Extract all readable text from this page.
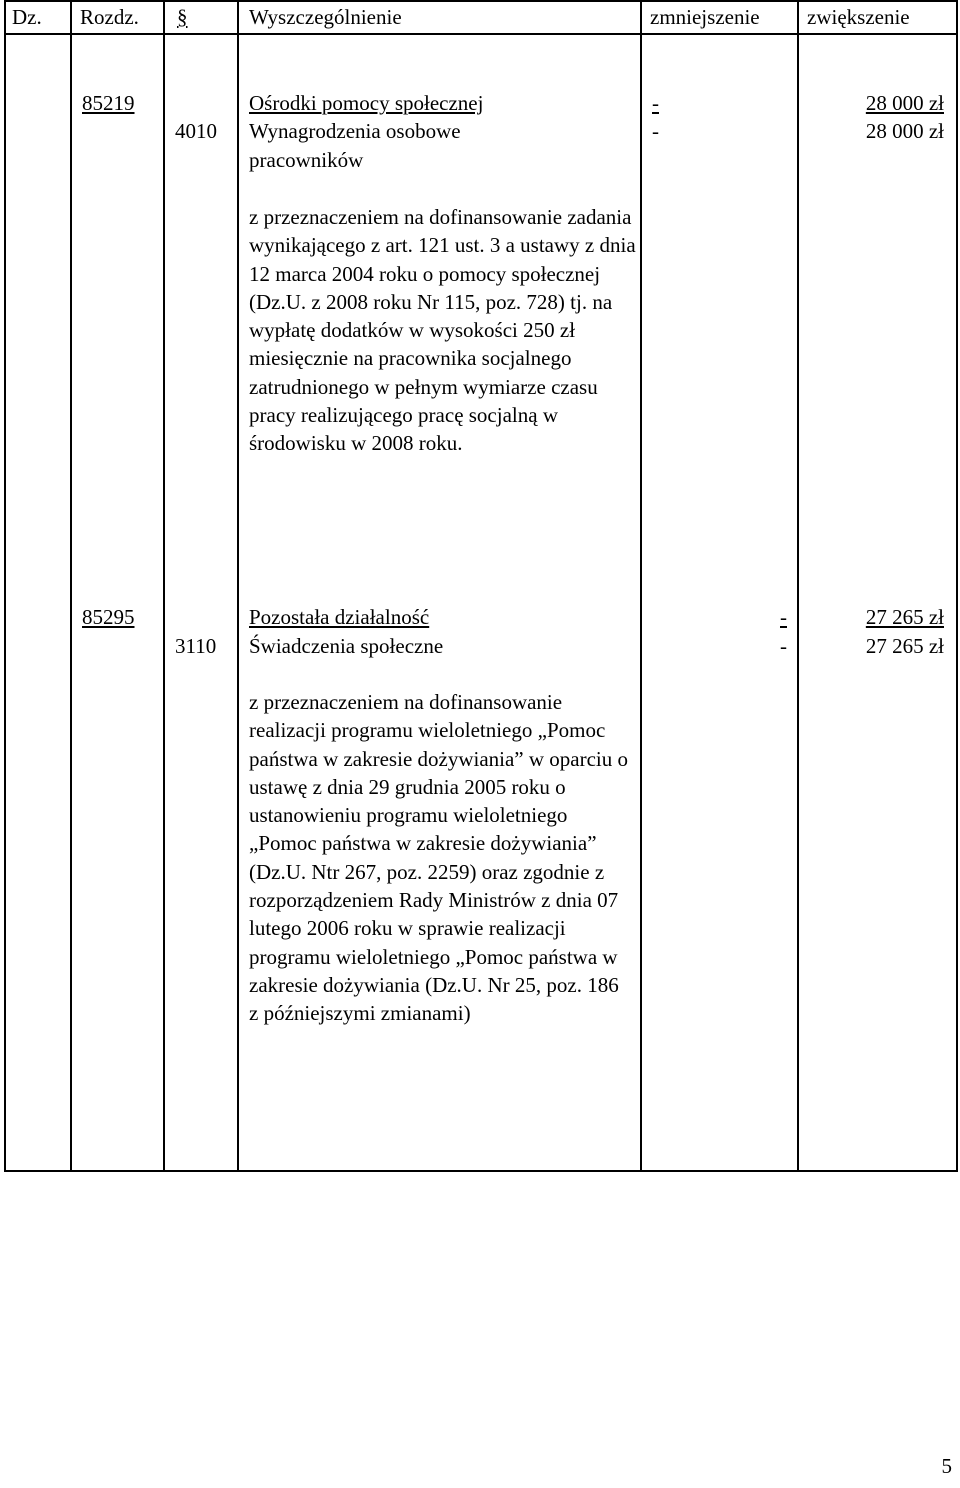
Dz. Rozdz. §	Wyszczególnienie	zmniejszenie zwiększenie
85219
4010
Ośrodki pomocy społecznej
Wynagrodzenia osobowe
pracowników
z przeznaczeniem na dofinansowanie zadania wynikającego z art. 121 ust. 3 a ustawy z dnia 12 marca 2004 roku o pomocy społecznej (Dz.U. z 2008 roku Nr 115, poz. 728) tj. na wypłatę dodatków w wysokości 250 zł miesięcznie na pracownika socjalnego zatrudnionego w pełnym wymiarze czasu pracy realizującego pracę socjalną w środowisku w 2008 roku.
-
-
28 000 zł
28 000 zł
85295
3110
Pozostała działalność
Świadczenia społeczne
z przeznaczeniem na dofinansowanie realizacji programu wieloletniego „Pomoc państwa w zakresie dożywiania” w oparciu o ustawę z dnia 29 grudnia 2005 roku o ustanowieniu programu wieloletniego „Pomoc państwa w zakresie dożywiania” (Dz.U. Ntr 267, poz. 2259) oraz zgodnie z rozporządzeniem Rady Ministrów z dnia 07 lutego 2006 roku w sprawie realizacji programu wieloletniego „Pomoc państwa w zakresie dożywiania (Dz.U. Nr 25, poz. 186 z późniejszymi zmianami)
-
-
27 265 zł
27 265 zł
5
